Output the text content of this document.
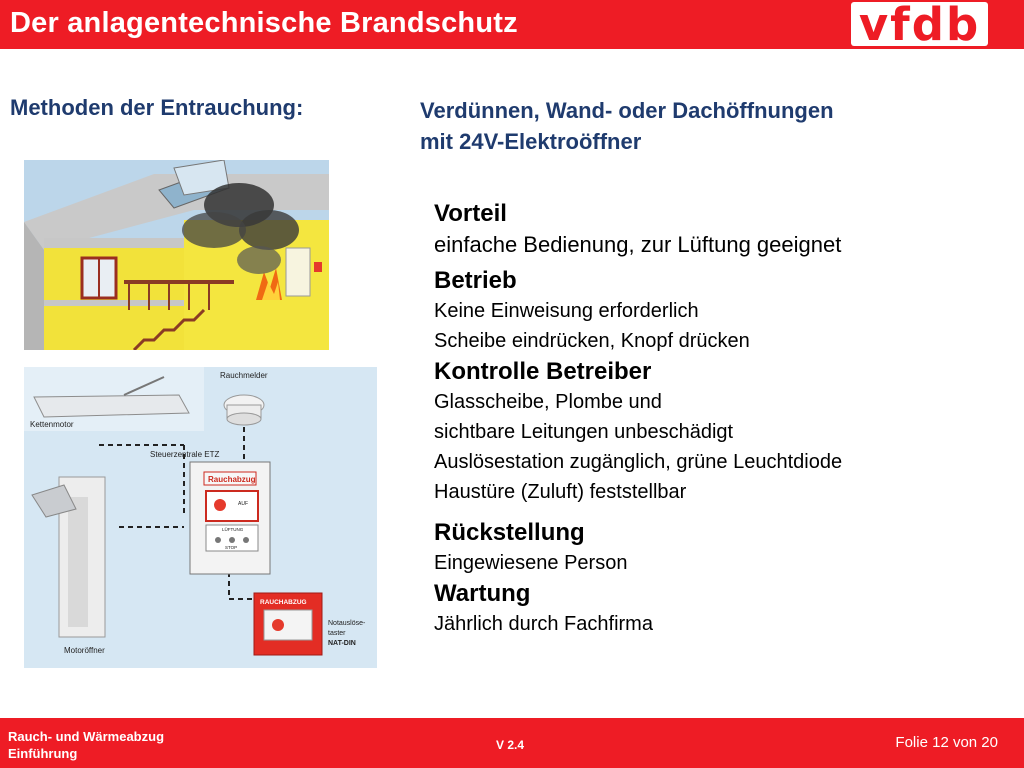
Der anlagentechnische Brandschutz	vfdb
Methoden der Entrauchung:	Verdünnen, Wand- oder Dachöffnungen
mit 24V-Elektroöffner
Kettenmotor
Rauchmelder
Steuerzentrale ETZ
Rauchabzug
AUF
LÜFTUNG
STOP
RAUCHABZUG
Notauslöse-
taster
NAT-DIN
Motoröffner
Vorteil
einfache Bedienung, zur Lüftung geeignet
Betrieb
Keine Einweisung erforderlich
Scheibe eindrücken, Knopf drücken
Kontrolle Betreiber
Glasscheibe, Plombe und
sichtbare Leitungen unbeschädigt
Auslösestation zugänglich, grüne Leuchtdiode
Haustüre (Zuluft) feststellbar
Rückstellung
Eingewiesene Person
Wartung
Jährlich durch Fachfirma
Rauch- und Wärmeabzug
Einführung
V 2.4	Folie 12 von 20
